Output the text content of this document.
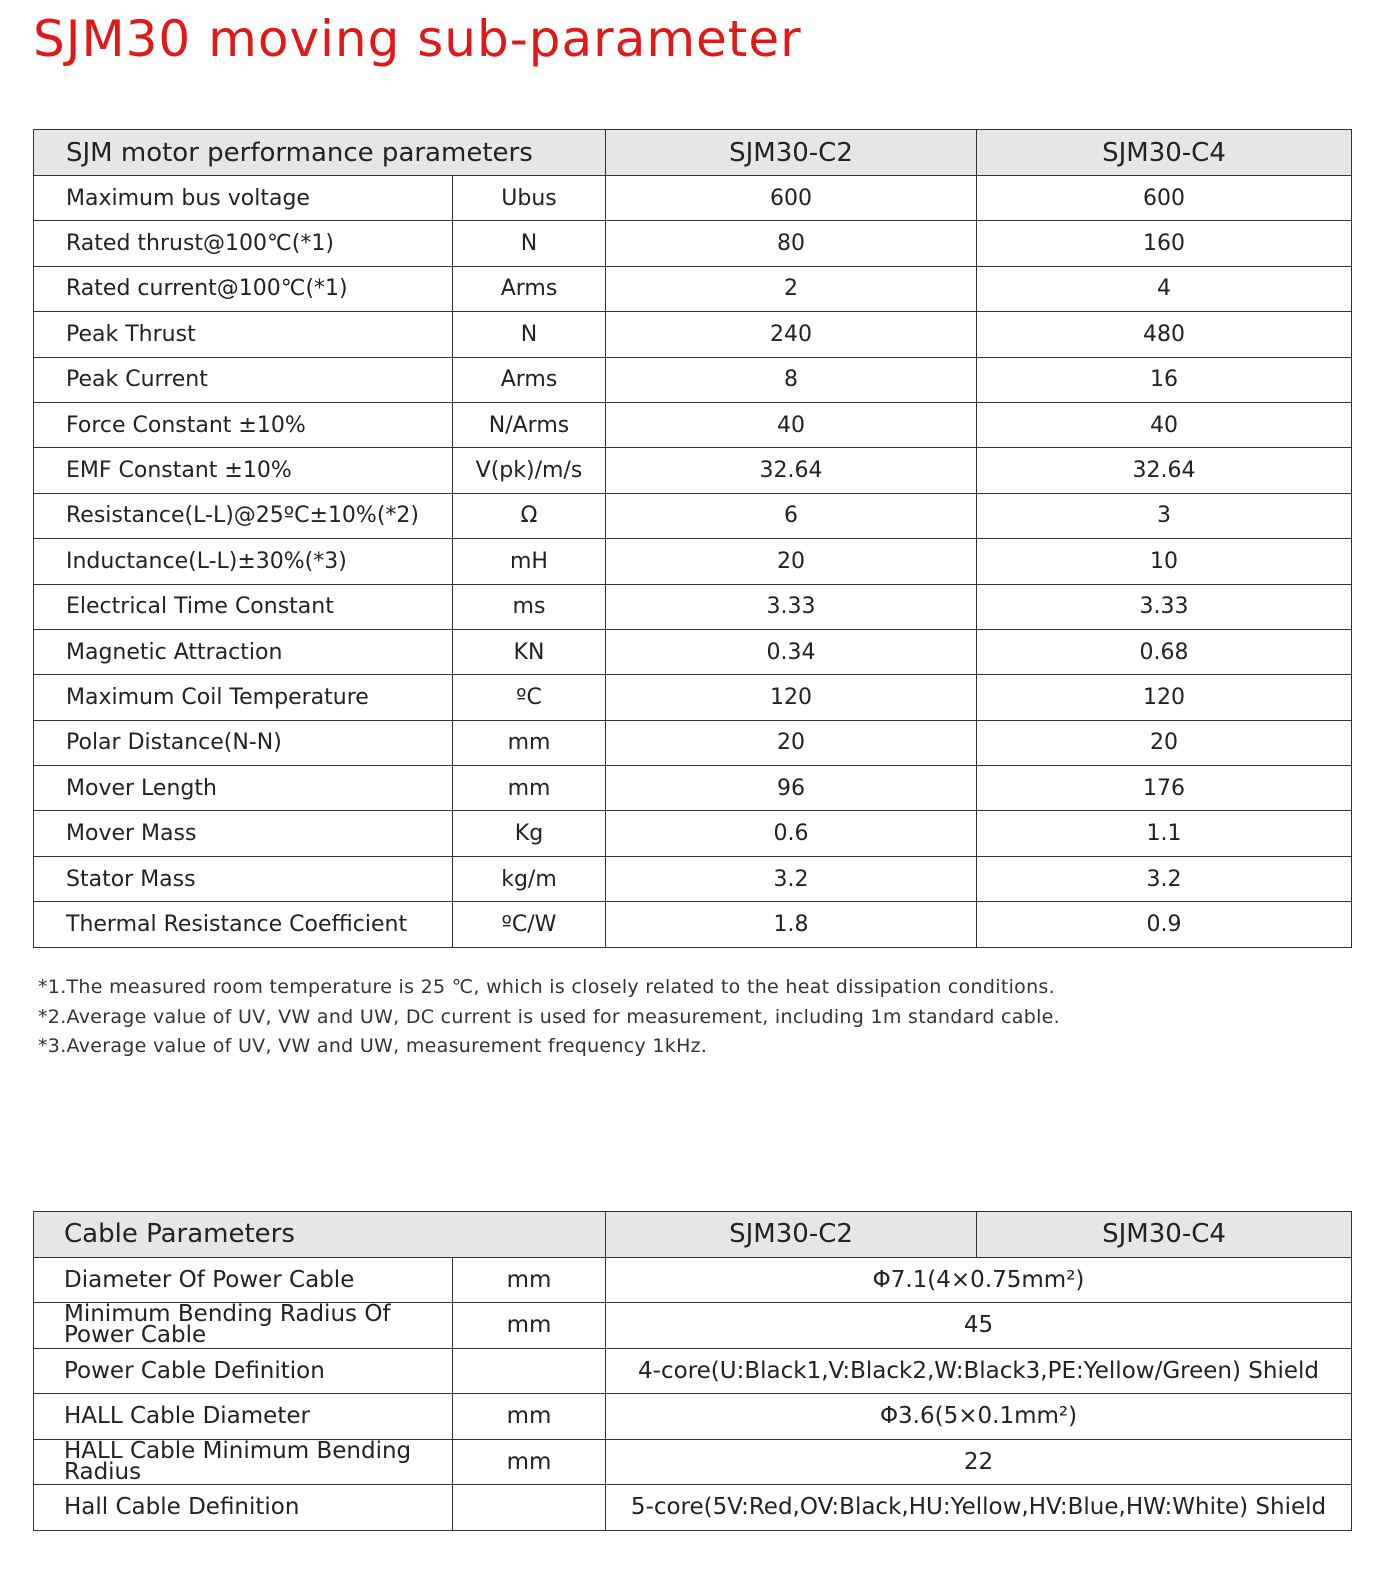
SJM30 moving sub-parameter
SJM motor performance parameters		SJM30-C2	SJM30-C4
Maximum bus voltage	Ubus	600	600
Rated thrust@100℃(*1)	N	80	160
Rated current@100℃(*1)	Arms	2	4
Peak Thrust	N	240	480
Peak Current	Arms	8	16
Force Constant ±10%	N/Arms	40	40
EMF Constant ±10%	V(pk)/m/s	32.64	32.64
Resistance(L-L)@25ºC±10%(*2)	Ω	6	3
Inductance(L-L)±30%(*3)	mH	20	10
Electrical Time Constant	ms	3.33	3.33
Magnetic Attraction	KN	0.34	0.68
Maximum Coil Temperature	ºC	120	120
Polar Distance(N-N)	mm	20	20
Mover Length	mm	96	176
Mover Mass	Kg	0.6	1.1
Stator Mass	kg/m	3.2	3.2
Thermal Resistance Coefficient	ºC/W	1.8	0.9
*1.The measured room temperature is 25 ℃, which is closely related to the heat dissipation conditions.
*2.Average value of UV, VW and UW, DC current is used for measurement, including 1m standard cable.
*3.Average value of UV, VW and UW, measurement frequency 1kHz.
Cable Parameters		SJM30-C2	SJM30-C4
Diameter Of Power Cable	mm	Φ7.1(4×0.75mm²)	
Minimum Bending Radius Of Power Cable	mm	45	
Power Cable Definition		4-core(U:Black1,V:Black2,W:Black3,PE:Yellow/Green) Shield	
HALL Cable Diameter	mm	Φ3.6(5×0.1mm²)	
HALL Cable Minimum Bending Radius	mm	22	
Hall Cable Definition		5-core(5V:Red,OV:Black,HU:Yellow,HV:Blue,HW:White) Shield	
